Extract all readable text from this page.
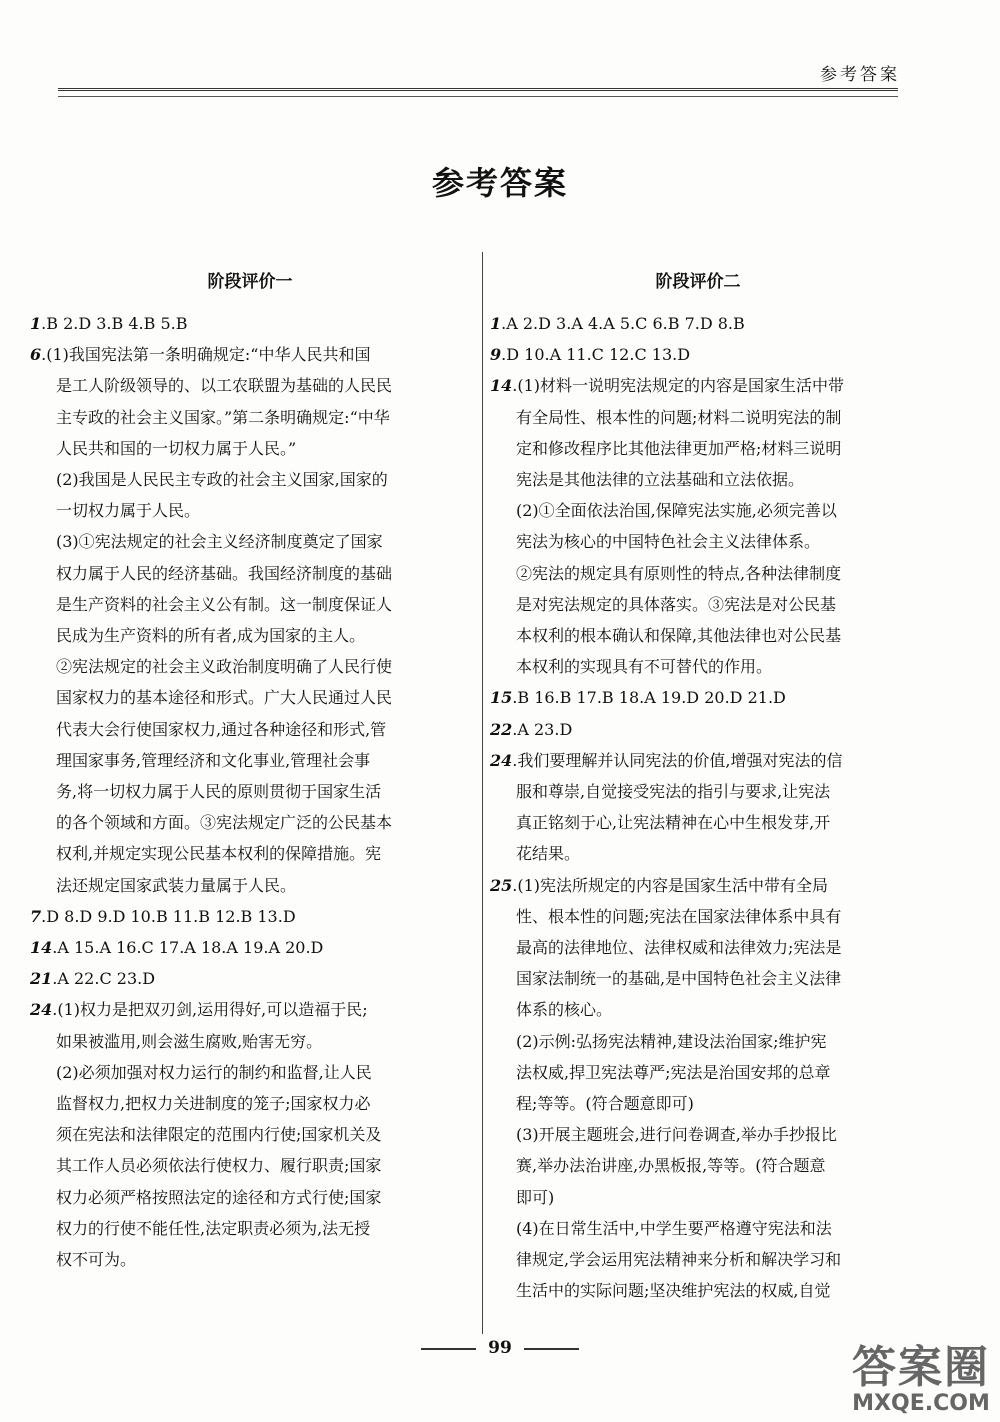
参考答案
参考答案
阶段评价一
1.B 2.D 3.B 4.B 5.B
6.(1)我国宪法第一条明确规定:“中华人民共和国
是工人阶级领导的、以工农联盟为基础的人民民
主专政的社会主义国家。”第二条明确规定:“中华
人民共和国的一切权力属于人民。”
(2)我国是人民民主专政的社会主义国家,国家的
一切权力属于人民。
(3)①宪法规定的社会主义经济制度奠定了国家
权力属于人民的经济基础。我国经济制度的基础
是生产资料的社会主义公有制。这一制度保证人
民成为生产资料的所有者,成为国家的主人。
②宪法规定的社会主义政治制度明确了人民行使
国家权力的基本途径和形式。广大人民通过人民
代表大会行使国家权力,通过各种途径和形式,管
理国家事务,管理经济和文化事业,管理社会事
务,将一切权力属于人民的原则贯彻于国家生活
的各个领域和方面。③宪法规定广泛的公民基本
权利,并规定实现公民基本权利的保障措施。宪
法还规定国家武装力量属于人民。
7.D 8.D 9.D 10.B 11.B 12.B 13.D
14.A 15.A 16.C 17.A 18.A 19.A 20.D
21.A 22.C 23.D
24.(1)权力是把双刃剑,运用得好,可以造福于民;
如果被滥用,则会滋生腐败,贻害无穷。
(2)必须加强对权力运行的制约和监督,让人民
监督权力,把权力关进制度的笼子;国家权力必
须在宪法和法律限定的范围内行使;国家机关及
其工作人员必须依法行使权力、履行职责;国家
权力必须严格按照法定的途径和方式行使;国家
权力的行使不能任性,法定职责必须为,法无授
权不可为。
阶段评价二
1.A 2.D 3.A 4.A 5.C 6.B 7.D 8.B
9.D 10.A 11.C 12.C 13.D
14.(1)材料一说明宪法规定的内容是国家生活中带
有全局性、根本性的问题;材料二说明宪法的制
定和修改程序比其他法律更加严格;材料三说明
宪法是其他法律的立法基础和立法依据。
(2)①全面依法治国,保障宪法实施,必须完善以
宪法为核心的中国特色社会主义法律体系。
②宪法的规定具有原则性的特点,各种法律制度
是对宪法规定的具体落实。③宪法是对公民基
本权利的根本确认和保障,其他法律也对公民基
本权利的实现具有不可替代的作用。
15.B 16.B 17.B 18.A 19.D 20.D 21.D
22.A 23.D
24.我们要理解并认同宪法的价值,增强对宪法的信
服和尊崇,自觉接受宪法的指引与要求,让宪法
真正铭刻于心,让宪法精神在心中生根发芽,开
花结果。
25.(1)宪法所规定的内容是国家生活中带有全局
性、根本性的问题;宪法在国家法律体系中具有
最高的法律地位、法律权威和法律效力;宪法是
国家法制统一的基础,是中国特色社会主义法律
体系的核心。
(2)示例:弘扬宪法精神,建设法治国家;维护宪
法权威,捍卫宪法尊严;宪法是治国安邦的总章
程;等等。(符合题意即可)
(3)开展主题班会,进行问卷调查,举办手抄报比
赛,举办法治讲座,办黑板报,等等。(符合题意
即可)
(4)在日常生活中,中学生要严格遵守宪法和法
律规定,学会运用宪法精神来分析和解决学习和
生活中的实际问题;坚决维护宪法的权威,自觉
99	答案圈
MXQE.COM
